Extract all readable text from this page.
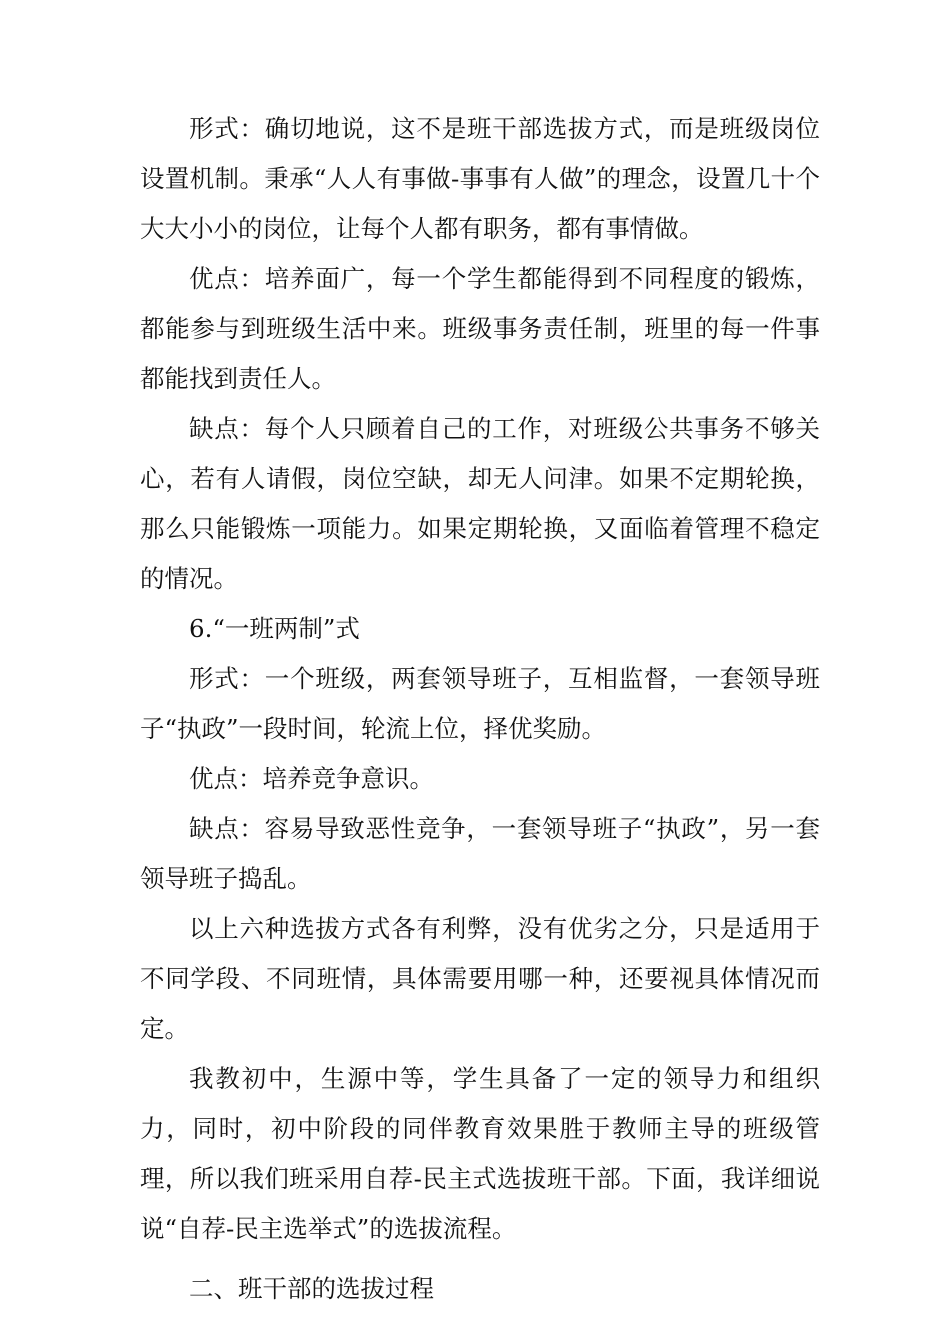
形式：确切地说，这不是班干部选拔方式，而是班级岗位设置机制。秉承“人人有事做-事事有人做”的理念，设置几十个大大小小的岗位，让每个人都有职务，都有事情做。

优点：培养面广，每一个学生都能得到不同程度的锻炼，都能参与到班级生活中来。班级事务责任制，班里的每一件事都能找到责任人。

缺点：每个人只顾着自己的工作，对班级公共事务不够关心，若有人请假，岗位空缺，却无人问津。如果不定期轮换，那么只能锻炼一项能力。如果定期轮换，又面临着管理不稳定的情况。

6.“一班两制”式

形式：一个班级，两套领导班子，互相监督，一套领导班子“执政”一段时间，轮流上位，择优奖励。

优点：培养竞争意识。

缺点：容易导致恶性竞争，一套领导班子“执政”，另一套领导班子捣乱。

以上六种选拔方式各有利弊，没有优劣之分，只是适用于不同学段、不同班情，具体需要用哪一种，还要视具体情况而定。

我教初中，生源中等，学生具备了一定的领导力和组织力，同时，初中阶段的同伴教育效果胜于教师主导的班级管理，所以我们班采用自荐-民主式选拔班干部。下面，我详细说说“自荐-民主选举式”的选拔流程。

二、班干部的选拔过程
